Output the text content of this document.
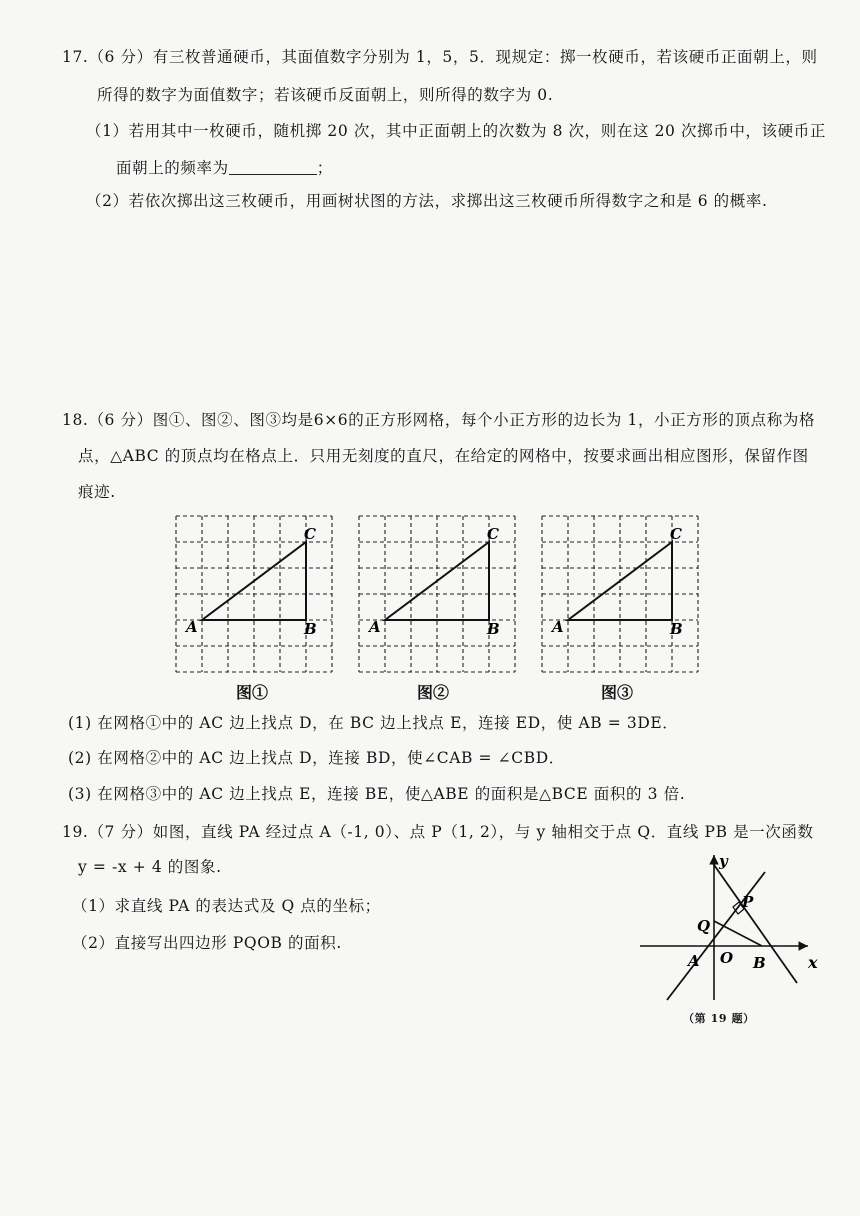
17.（6 分）有三枚普通硬币，其面值数字分别为 1，5，5．现规定：掷一枚硬币，若该硬币正面朝上，则
所得的数字为面值数字；若该硬币反面朝上，则所得的数字为 0.
（1）若用其中一枚硬币，随机掷 20 次，其中正面朝上的次数为 8 次，则在这 20 次掷币中，该硬币正
面朝上的频率为	；
（2）若依次掷出这三枚硬币，用画树状图的方法，求掷出这三枚硬币所得数字之和是 6 的概率.
18.（6 分）图①、图②、图③均是6×6的正方形网格，每个小正方形的边长为 1，小正方形的顶点称为格
点，△ABC 的顶点均在格点上．只用无刻度的直尺，在给定的网格中，按要求画出相应图形，保留作图
痕迹.
A	B
C
A	B
C
A	B
C
图①	图②	图③
(1) 在网格①中的 AC 边上找点 D，在 BC 边上找点 E，连接 ED，使 AB = 3DE．
(2) 在网格②中的 AC 边上找点 D，连接 BD，使∠CAB = ∠CBD．
(3) 在网格③中的 AC 边上找点 E，连接 BE，使△ABE 的面积是△BCE 面积的 3 倍.
19.（7 分）如图，直线 PA 经过点 A（-1, 0）、点 P（1, 2），与 y 轴相交于点 Q．直线 PB 是一次函数
y = -x + 4 的图象.
（1）求直线 PA 的表达式及 Q 点的坐标；
（2）直接写出四边形 PQOB 的面积.
y
x
P
Q
A O B
（第 19 题）
